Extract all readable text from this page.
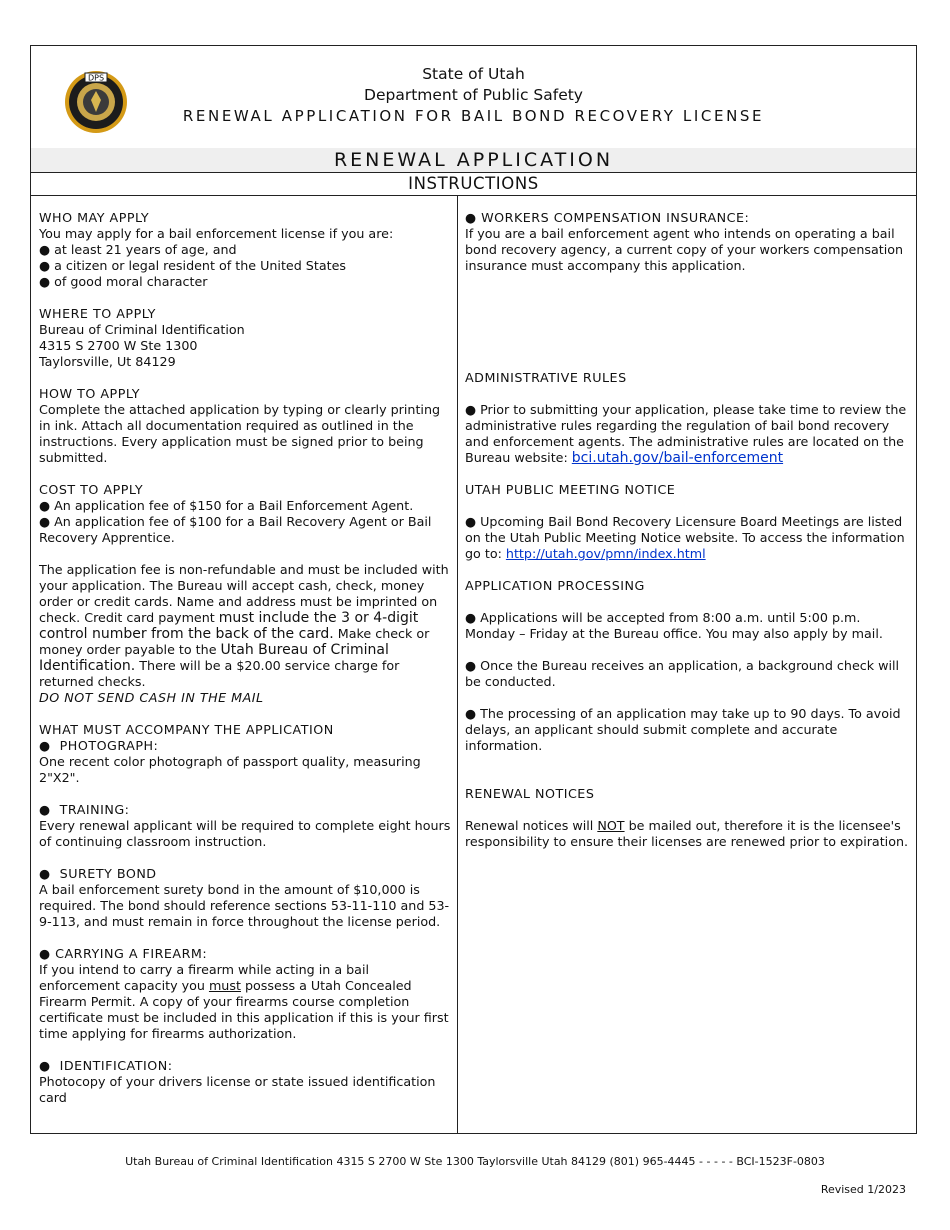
DPS	State of Utah
Department of Public Safety
RENEWAL APPLICATION FOR BAIL BOND RECOVERY LICENSE
RENEWAL APPLICATION
INSTRUCTIONS

WHO MAY APPLY

You may apply for a bail enforcement license if you are:

● at least 21 years of age, and

● a citizen or legal resident of the United States

● of good moral character

WHERE TO APPLY

Bureau of Criminal Identification

4315 S 2700 W Ste 1300

Taylorsville, Ut 84129

HOW TO APPLY

Complete the attached application by typing or clearly printing in ink. Attach all documentation required as outlined in the instructions. Every application must be signed prior to being submitted.

COST TO APPLY

● An application fee of $150 for a Bail Enforcement Agent.

● An application fee of $100 for a Bail Recovery Agent or Bail Recovery Apprentice.

The application fee is non-refundable and must be included with your application. The Bureau will accept cash, check, money order or credit cards. Name and address must be imprinted on check. Credit card payment must include the 3 or 4-digit control number from the back of the card. Make check or money order payable to the Utah Bureau of Criminal Identification. There will be a $20.00 service charge for returned checks.

DO NOT SEND CASH IN THE MAIL

WHAT MUST ACCOMPANY THE APPLICATION

●  PHOTOGRAPH:

One recent color photograph of passport quality, measuring 2"X2".

●  TRAINING:

Every renewal applicant will be required to complete eight hours of continuing classroom instruction.

●  SURETY BOND

A bail enforcement surety bond in the amount of $10,000 is required. The bond should reference sections 53-11-110 and 53-9-113, and must remain in force throughout the license period.

● CARRYING A FIREARM:

If you intend to carry a firearm while acting in a bail enforcement capacity you must possess a Utah Concealed Firearm Permit. A copy of your firearms course completion certificate must be included in this application if this is your first time applying for firearms authorization.

●  IDENTIFICATION:

Photocopy of your drivers license or state issued identification card

● WORKERS COMPENSATION INSURANCE:

If you are a bail enforcement agent who intends on operating a bail bond recovery agency, a current copy of your workers compensation insurance must accompany this application.

ADMINISTRATIVE RULES

● Prior to submitting your application, please take time to review the administrative rules regarding the regulation of bail bond recovery and enforcement agents. The administrative rules are located on the Bureau website: bci.utah.gov/bail-enforcement

UTAH PUBLIC MEETING NOTICE

● Upcoming Bail Bond Recovery Licensure Board Meetings are listed on the Utah Public Meeting Notice website. To access the information go to: http://utah.gov/pmn/index.html

APPLICATION PROCESSING

● Applications will be accepted from 8:00 a.m. until 5:00 p.m. Monday – Friday at the Bureau office. You may also apply by mail.

● Once the Bureau receives an application, a background check will be conducted.

● The processing of an application may take up to 90 days. To avoid delays, an applicant should submit complete and accurate information.

RENEWAL NOTICES

Renewal notices will NOT be mailed out, therefore it is the licensee's responsibility to ensure their licenses are renewed prior to expiration.

Utah Bureau of Criminal Identification 4315 S 2700 W Ste 1300 Taylorsville Utah 84129 (801) 965-4445 - - - - - BCI-1523F-0803
Revised 1/2023
